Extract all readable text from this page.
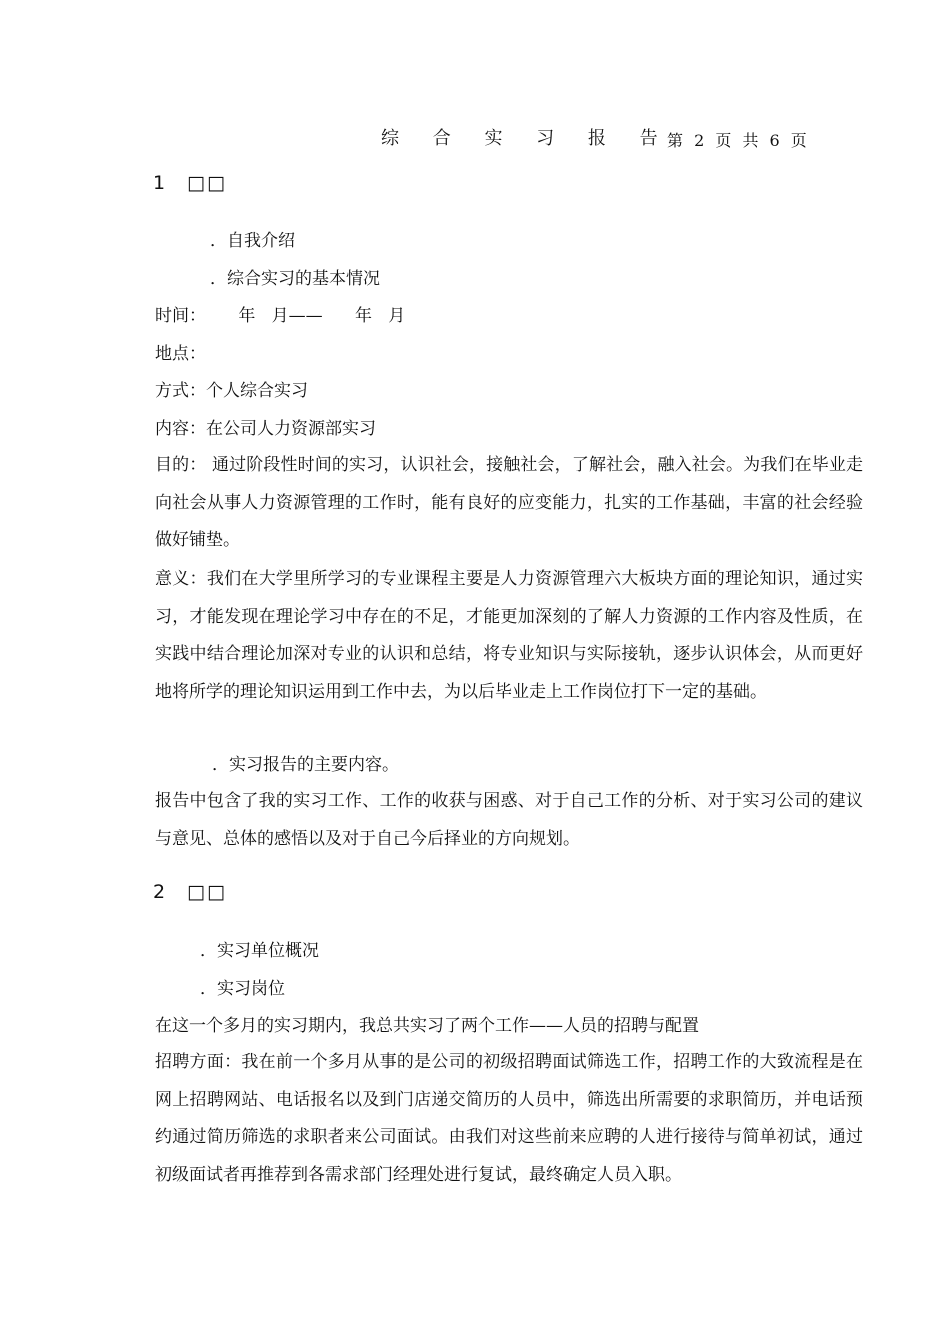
综 合 实 习 报 告
第 2 页 共 6 页
1 □□
．自我介绍
．综合实习的基本情况
时间：      年   月——      年   月
地点：
方式：个人综合实习
内容：在公司人力资源部实习
目的： 通过阶段性时间的实习，认识社会，接触社会，了解社会，融入社会。为我们在毕业走向社会从事人力资源管理的工作时，能有良好的应变能力，扎实的工作基础，丰富的社会经验做好铺垫。
意义：我们在大学里所学习的专业课程主要是人力资源管理六大板块方面的理论知识，通过实习，才能发现在理论学习中存在的不足，才能更加深刻的了解人力资源的工作内容及性质，在实践中结合理论加深对专业的认识和总结，将专业知识与实际接轨，逐步认识体会，从而更好地将所学的理论知识运用到工作中去，为以后毕业走上工作岗位打下一定的基础。
．实习报告的主要内容。
报告中包含了我的实习工作、工作的收获与困惑、对于自己工作的分析、对于实习公司的建议与意见、总体的感悟以及对于自己今后择业的方向规划。
2 □□
．实习单位概况
．实习岗位
在这一个多月的实习期内，我总共实习了两个工作——人员的招聘与配置
招聘方面：我在前一个多月从事的是公司的初级招聘面试筛选工作，招聘工作的大致流程是在网上招聘网站、电话报名以及到门店递交简历的人员中，筛选出所需要的求职简历，并电话预约通过简历筛选的求职者来公司面试。由我们对这些前来应聘的人进行接待与简单初试，通过初级面试者再推荐到各需求部门经理处进行复试，最终确定人员入职。
